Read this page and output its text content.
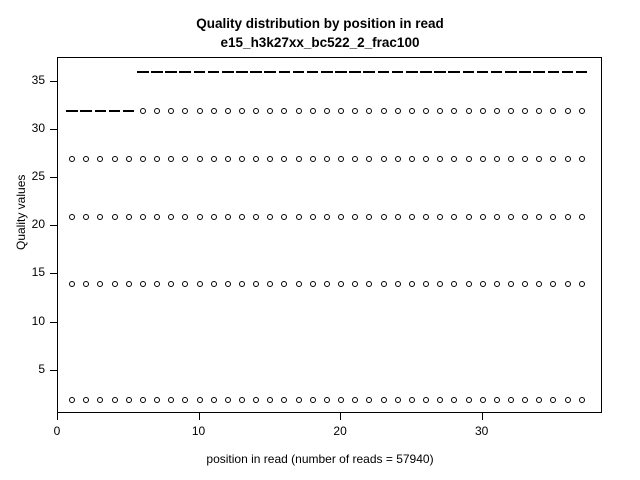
Quality distribution by position in read
e15_h3k27xx_bc522_2_frac100
0	10	20	30
5
10
15
20
25
30
35
position in read (number of reads = 57940)
Quality values
